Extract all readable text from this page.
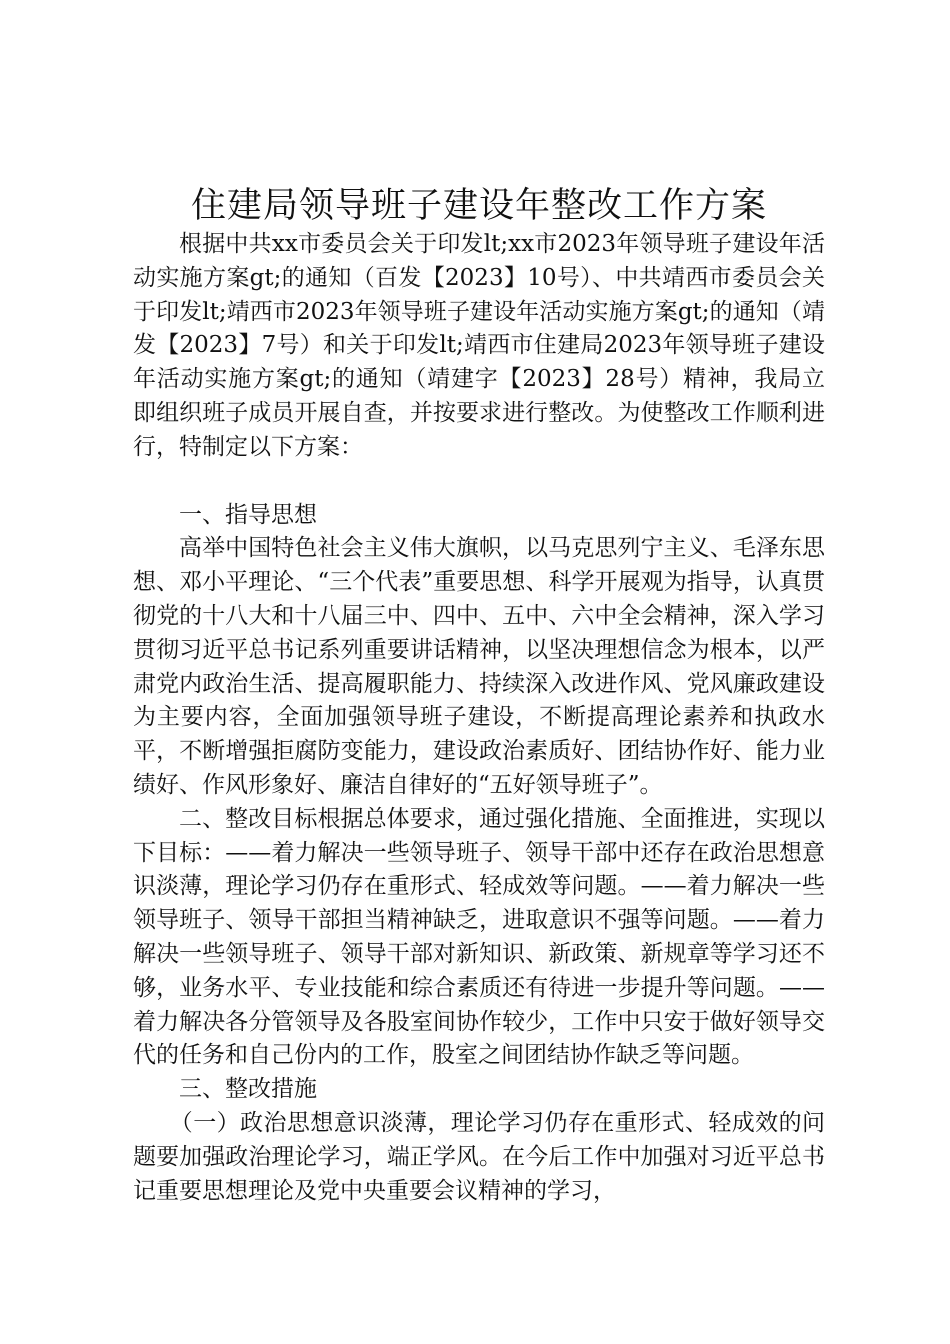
住建局领导班子建设年整改工作方案

根据中共xx市委员会关于印发lt;xx市2023年领导班子建设年活动实施方案gt;的通知（百发【2023】10号）、中共靖西市委员会关于印发lt;靖西市2023年领导班子建设年活动实施方案gt;的通知（靖发【2023】7号）和关于印发lt;靖西市住建局2023年领导班子建设年活动实施方案gt;的通知（靖建字【2023】28号）精神，我局立即组织班子成员开展自查，并按要求进行整改。为使整改工作顺利进行，特制定以下方案：

一、指导思想

高举中国特色社会主义伟大旗帜，以马克思列宁主义、毛泽东思想、邓小平理论、“三个代表”重要思想、科学开展观为指导，认真贯彻党的十八大和十八届三中、四中、五中、六中全会精神，深入学习贯彻习近平总书记系列重要讲话精神，以坚决理想信念为根本，以严肃党内政治生活、提高履职能力、持续深入改进作风、党风廉政建设为主要内容，全面加强领导班子建设，不断提高理论素养和执政水平，不断增强拒腐防变能力，建设政治素质好、团结协作好、能力业绩好、作风形象好、廉洁自律好的“五好领导班子”。

二、整改目标根据总体要求，通过强化措施、全面推进，实现以下目标：——着力解决一些领导班子、领导干部中还存在政治思想意识淡薄，理论学习仍存在重形式、轻成效等问题。——着力解决一些领导班子、领导干部担当精神缺乏，进取意识不强等问题。——着力解决一些领导班子、领导干部对新知识、新政策、新规章等学习还不够，业务水平、专业技能和综合素质还有待进一步提升等问题。——着力解决各分管领导及各股室间协作较少，工作中只安于做好领导交代的任务和自己份内的工作，股室之间团结协作缺乏等问题。

三、整改措施

（一）政治思想意识淡薄，理论学习仍存在重形式、轻成效的问题要加强政治理论学习，端正学风。在今后工作中加强对习近平总书记重要思想理论及党中央重要会议精神的学习，
